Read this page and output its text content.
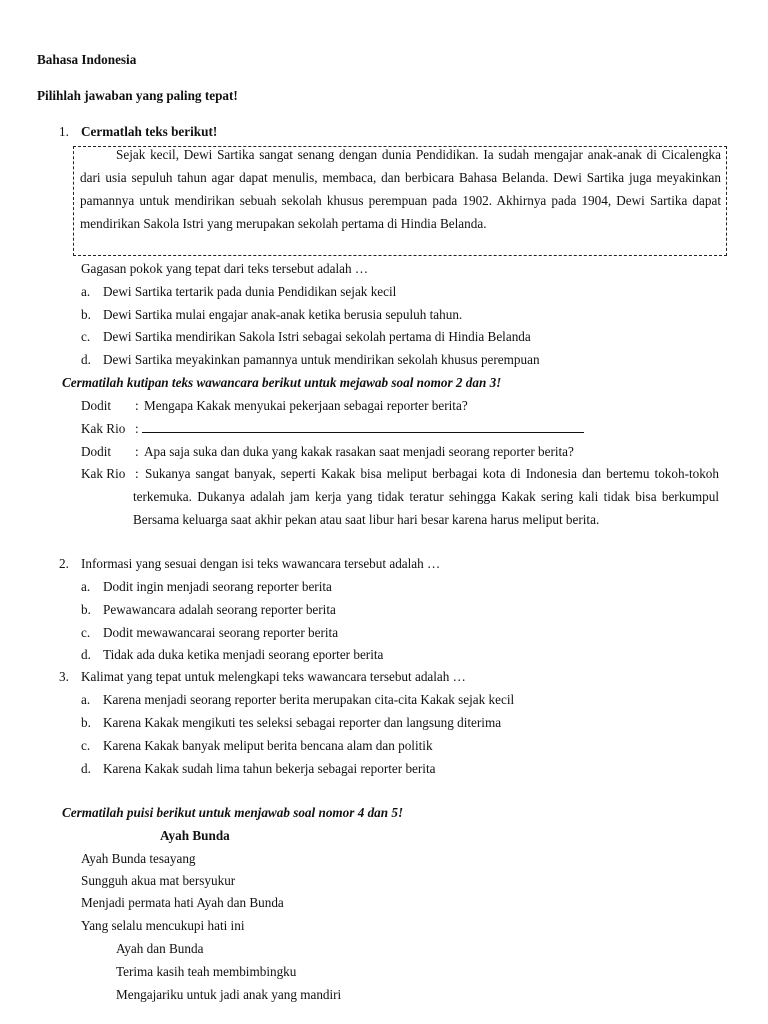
Bahasa Indonesia
Pilihlah jawaban yang paling tepat!
1. Cermatlah teks berikut!
Sejak kecil, Dewi Sartika sangat senang dengan dunia Pendidikan. Ia sudah mengajar anak-anak di Cicalengka dari usia sepuluh tahun agar dapat menulis, membaca, dan berbicara Bahasa Belanda. Dewi Sartika juga meyakinkan pamannya untuk mendirikan sebuah sekolah khusus perempuan pada 1902. Akhirnya pada 1904, Dewi Sartika dapat mendirikan Sakola Istri yang merupakan sekolah pertama di Hindia Belanda.
Gagasan pokok yang tepat dari teks tersebut adalah …
a. Dewi Sartika tertarik pada dunia Pendidikan sejak kecil
b. Dewi Sartika mulai engajar anak-anak ketika berusia sepuluh tahun.
c. Dewi Sartika mendirikan Sakola Istri sebagai sekolah pertama di Hindia Belanda
d. Dewi Sartika meyakinkan pamannya untuk mendirikan sekolah khusus perempuan
Cermatilah kutipan teks wawancara berikut untuk mejawab soal nomor 2 dan 3!
Dodit : Mengapa Kakak menyukai pekerjaan sebagai reporter berita?
Kak Rio :
Dodit : Apa saja suka dan duka yang kakak rasakan saat menjadi seorang reporter berita?
Kak Rio : Sukanya sangat banyak, seperti Kakak bisa meliput berbagai kota di Indonesia dan bertemu tokoh-tokoh terkemuka. Dukanya adalah jam kerja yang tidak teratur sehingga Kakak sering kali tidak bisa berkumpul Bersama keluarga saat akhir pekan atau saat libur hari besar karena harus meliput berita.
2. Informasi yang sesuai dengan isi teks wawancara tersebut adalah …
a. Dodit ingin menjadi seorang reporter berita
b. Pewawancara adalah seorang reporter berita
c. Dodit mewawancarai seorang reporter berita
d. Tidak ada duka ketika menjadi seorang eporter berita
3. Kalimat yang tepat untuk melengkapi teks wawancara tersebut adalah …
a. Karena menjadi seorang reporter berita merupakan cita-cita Kakak sejak kecil
b. Karena Kakak mengikuti tes seleksi sebagai reporter dan langsung diterima
c. Karena Kakak banyak meliput berita bencana alam dan politik
d. Karena Kakak sudah lima tahun bekerja sebagai reporter berita
Cermatilah puisi berikut untuk menjawab soal nomor 4 dan 5!
Ayah Bunda
Ayah Bunda tesayang
Sungguh akua mat bersyukur
Menjadi permata hati Ayah dan Bunda
Yang selalu mencukupi hati ini
Ayah dan Bunda
Terima kasih teah membimbingku
Mengajariku untuk jadi anak yang mandiri
